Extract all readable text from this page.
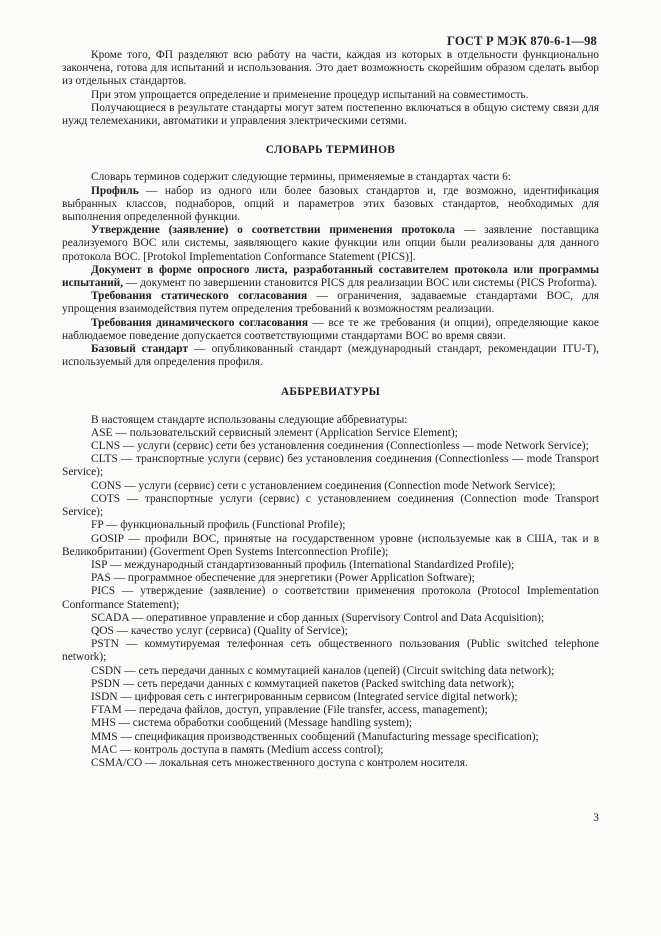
ГОСТ Р МЭК 870-6-1—98

Кроме того, ФП разделяют всю работу на части, каждая из которых в отдельности функционально закончена, готова для испытаний и использования. Это дает возможность скорейшим образом сделать выбор из отдельных стандартов.

При этом упрощается определение и применение процедур испытаний на совместимость.

Получающиеся в результате стандарты могут затем постепенно включаться в общую систему связи для нужд телемеханики, автоматики и управления электрическими сетями.

СЛОВАРЬ ТЕРМИНОВ

Словарь терминов содержит следующие термины, применяемые в стандартах части 6:

Профиль — набор из одного или более базовых стандартов и, где возможно, идентификация выбранных классов, поднаборов, опций и параметров этих базовых стандартов, необходимых для выполнения определенной функции.

Утверждение (заявление) о соответствии применения протокола — заявление поставщика реализуемого ВОС или системы, заявляющего какие функции или опции были реализованы для данного протокола ВОС. [Protokol Implementation Conformance Statement (PICS)].

Документ в форме опросного листа, разработанный составителем протокола или программы испытаний, — документ по завершении становится PICS для реализации ВОС или системы (PICS Proforma).

Требования статического согласования — ограничения, задаваемые стандартами ВОС, для упрощения взаимодействия путем определения требований к возможностям реализации.

Требования динамического согласования — все те же требования (и опции), определяющие какое наблюдаемое поведение допускается соответствующими стандартами ВОС во время связи.

Базовый стандарт — опубликованный стандарт (международный стандарт, рекомендации ITU-T), используемый для определения профиля.

АББРЕВИАТУРЫ

В настоящем стандарте использованы следующие аббревиатуры:

ASE — пользовательский сервисный элемент (Application Service Element);

CLNS — услуги (сервис) сети без установления соединения (Connectionless — mode Network Service);

CLTS — транспортные услуги (сервис) без установления соединения (Connectionless — mode Transport Service);

CONS — услуги (сервис) сети с установлением соединения (Connection mode Network Service);

COTS — транспортные услуги (сервис) с установлением соединения (Connection mode Transport Service);

FP — функциональный профиль (Functional Profile);

GOSIP — профили ВОС, принятые на государственном уровне (используемые как в США, так и в Великобритании) (Goverment Open Systems Interconnection Profile);

ISP — международный стандартизованный профиль (International Standardized Profile);

PAS — программное обеспечение для энергетики (Power Application Software);

PICS — утверждение (заявление) о соответствии применения протокола (Protocol Implementation Conformance Statement);

SCADA — оперативное управление и сбор данных (Supervisory Control and Data Acquisition);

QOS — качество услуг (сервиса) (Quality of Service);

PSTN — коммутируемая телефонная сеть общественного пользования (Public switched telephone network);

CSDN — сеть передачи данных с коммутацией каналов (цепей) (Circuit switching data network);

PSDN — сеть передачи данных с коммутацией пакетов (Packed switching data network);

ISDN — цифровая сеть с интегрированным сервисом (Integrated service digital network);

FTAM — передача файлов, доступ, управление (File transfer, access, management);

MHS — система обработки сообщений (Message handling system);

MMS — спецификация производственных сообщений (Manufacturing message specification);

MAC — контроль доступа в память (Medium access control);

CSMA/CO — локальная сеть множественного доступа с контролем носителя.

3
